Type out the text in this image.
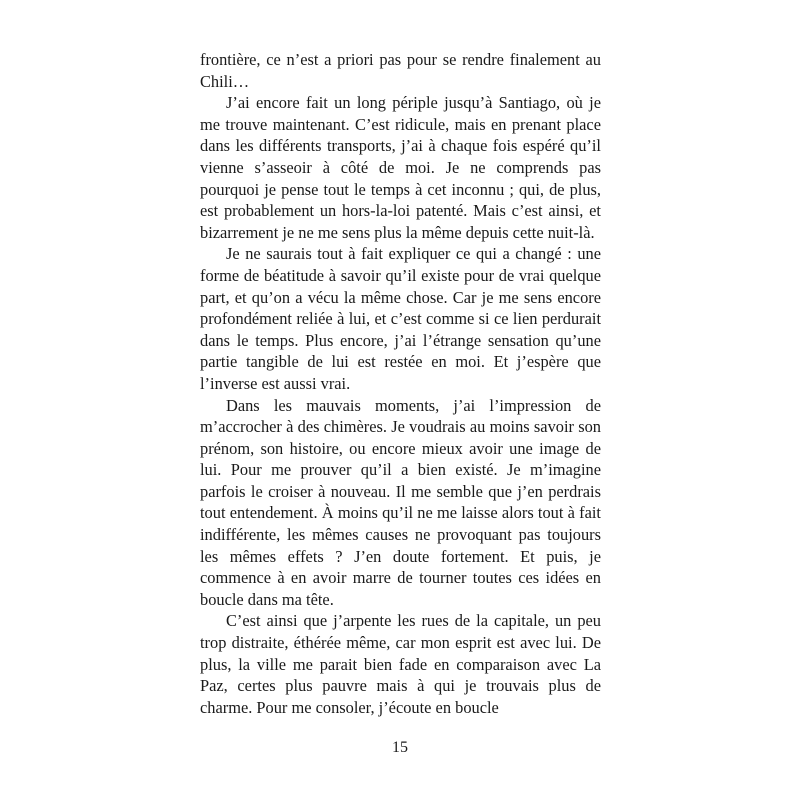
frontière, ce n’est a priori pas pour se rendre finalement au Chili…

J’ai encore fait un long périple jusqu’à Santiago, où je me trouve maintenant. C’est ridicule, mais en prenant place dans les différents transports, j’ai à chaque fois espéré qu’il vienne s’asseoir à côté de moi. Je ne comprends pas pourquoi je pense tout le temps à cet inconnu ; qui, de plus, est probablement un hors-la-loi patenté. Mais c’est ainsi, et bizarrement je ne me sens plus la même depuis cette nuit-là.

Je ne saurais tout à fait expliquer ce qui a changé : une forme de béatitude à savoir qu’il existe pour de vrai quelque part, et qu’on a vécu la même chose. Car je me sens encore profondément reliée à lui, et c’est comme si ce lien perdurait dans le temps. Plus encore, j’ai l’étrange sensation qu’une partie tangible de lui est restée en moi. Et j’espère que l’inverse est aussi vrai.

Dans les mauvais moments, j’ai l’impression de m’accrocher à des chimères. Je voudrais au moins savoir son prénom, son histoire, ou encore mieux avoir une image de lui. Pour me prouver qu’il a bien existé. Je m’imagine parfois le croiser à nouveau. Il me semble que j’en perdrais tout entendement. À moins qu’il ne me laisse alors tout à fait indifférente, les mêmes causes ne provoquant pas toujours les mêmes effets ? J’en doute fortement. Et puis, je commence à en avoir marre de tourner toutes ces idées en boucle dans ma tête.

C’est ainsi que j’arpente les rues de la capitale, un peu trop distraite, éthérée même, car mon esprit est avec lui. De plus, la ville me parait bien fade en comparaison avec La Paz, certes plus pauvre mais à qui je trouvais plus de charme. Pour me consoler, j’écoute en boucle

15
